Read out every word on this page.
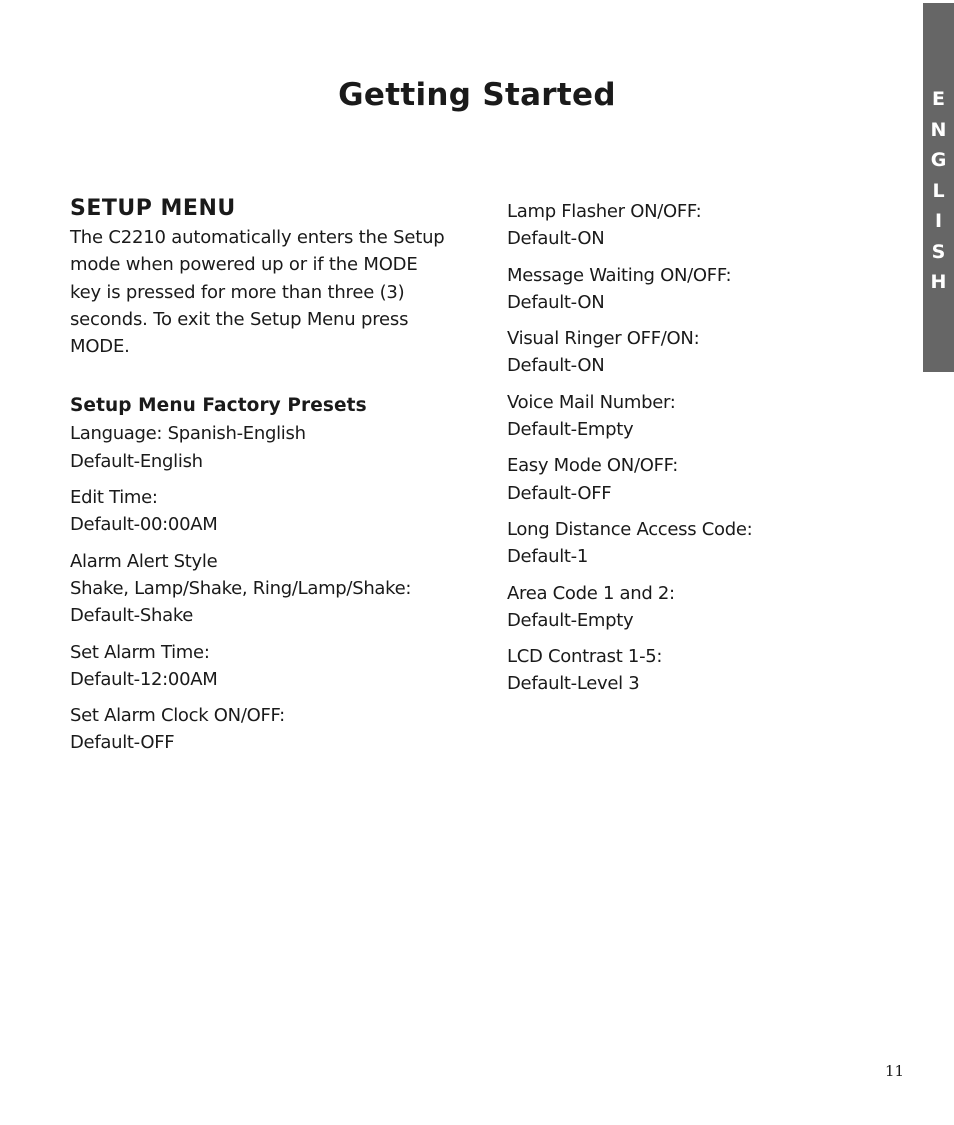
Getting Started	E
N
G
L
I
S
H
SETUP MENU

The C2210 automatically enters the Setup mode when powered up or if the MODE key is pressed for more than three (3) seconds. To exit the Setup Menu press MODE.

Setup Menu Factory Presets
Language: Spanish-English
Default-English
Edit Time:
Default-00:00AM
Alarm Alert Style
Shake, Lamp/Shake, Ring/Lamp/Shake:
Default-Shake
Set Alarm Time:
Default-12:00AM
Set Alarm Clock ON/OFF:
Default-OFF
Lamp Flasher ON/OFF:
Default-ON
Message Waiting ON/OFF:
Default-ON
Visual Ringer OFF/ON:
Default-ON
Voice Mail Number:
Default-Empty
Easy Mode ON/OFF:
Default-OFF
Long Distance Access Code:
Default-1
Area Code 1 and 2:
Default-Empty
LCD Contrast 1-5:
Default-Level 3
11
